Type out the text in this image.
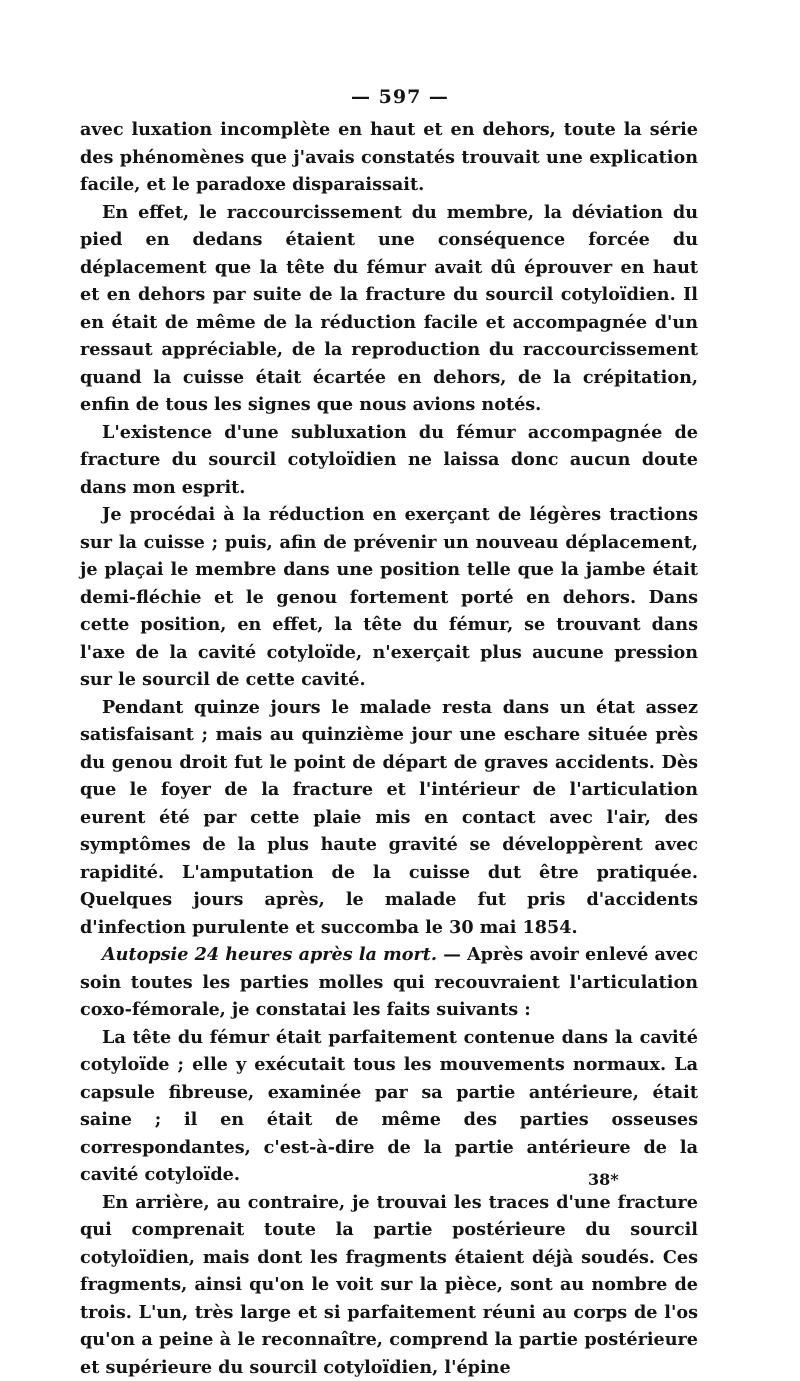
— 597 —

avec luxation incomplète en haut et en dehors, toute la série des phénomènes que j'avais constatés trouvait une explication facile, et le paradoxe disparaissait.

En effet, le raccourcissement du membre, la déviation du pied en dedans étaient une conséquence forcée du déplacement que la tête du fémur avait dû éprouver en haut et en dehors par suite de la fracture du sourcil cotyloïdien. Il en était de même de la réduction facile et accompagnée d'un ressaut appréciable, de la reproduction du raccourcissement quand la cuisse était écartée en dehors, de la crépitation, enfin de tous les signes que nous avions notés.

L'existence d'une subluxation du fémur accompagnée de fracture du sourcil cotyloïdien ne laissa donc aucun doute dans mon esprit.

Je procédai à la réduction en exerçant de légères tractions sur la cuisse ; puis, afin de prévenir un nouveau déplacement, je plaçai le membre dans une position telle que la jambe était demi-fléchie et le genou fortement porté en dehors. Dans cette position, en effet, la tête du fémur, se trouvant dans l'axe de la cavité cotyloïde, n'exerçait plus aucune pression sur le sourcil de cette cavité.

Pendant quinze jours le malade resta dans un état assez satisfaisant ; mais au quinzième jour une eschare située près du genou droit fut le point de départ de graves accidents. Dès que le foyer de la fracture et l'intérieur de l'articulation eurent été par cette plaie mis en contact avec l'air, des symptômes de la plus haute gravité se développèrent avec rapidité. L'amputation de la cuisse dut être pratiquée. Quelques jours après, le malade fut pris d'accidents d'infection purulente et succomba le 30 mai 1854.

Autopsie 24 heures après la mort. — Après avoir enlevé avec soin toutes les parties molles qui recouvraient l'articulation coxo-fémorale, je constatai les faits suivants :

La tête du fémur était parfaitement contenue dans la cavité cotyloïde ; elle y exécutait tous les mouvements normaux. La capsule fibreuse, examinée par sa partie antérieure, était saine ; il en était de même des parties osseuses correspondantes, c'est-à-dire de la partie antérieure de la cavité cotyloïde.

En arrière, au contraire, je trouvai les traces d'une fracture qui comprenait toute la partie postérieure du sourcil cotyloïdien, mais dont les fragments étaient déjà soudés. Ces fragments, ainsi qu'on le voit sur la pièce, sont au nombre de trois. L'un, très large et si parfaitement réuni au corps de l'os qu'on a peine à le reconnaître, comprend la partie postérieure et supérieure du sourcil cotyloïdien, l'épine

38*
